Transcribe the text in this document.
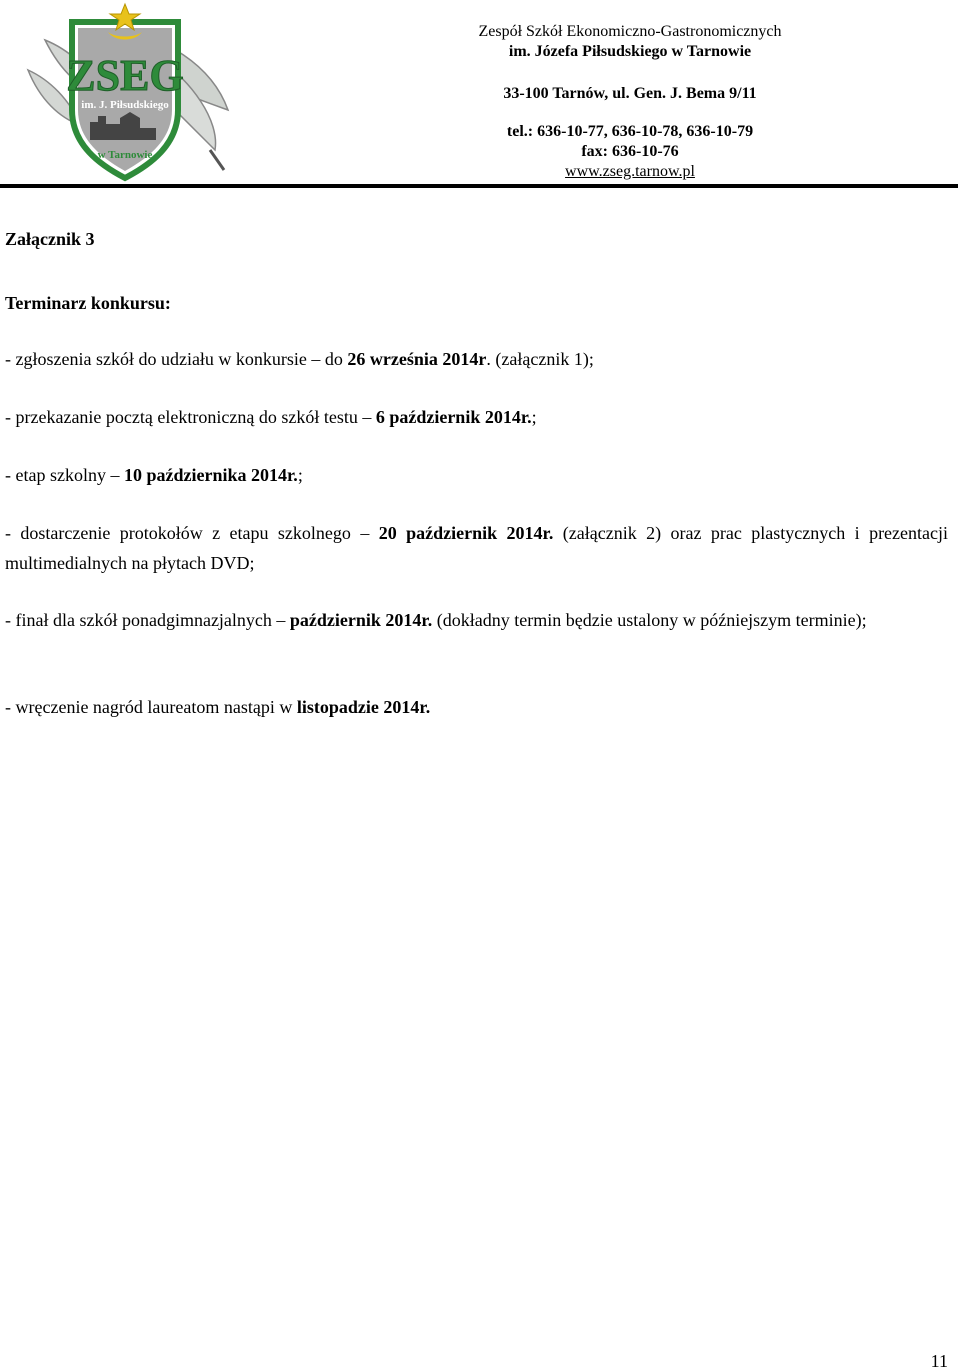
ZSEG
im. J. Piłsudskiego
w Tarnowie
Zespół Szkół Ekonomiczno-Gastronomicznych
im. Józefa Piłsudskiego w Tarnowie
33-100 Tarnów, ul. Gen. J. Bema 9/11
tel.: 636-10-77, 636-10-78, 636-10-79
fax: 636-10-76
www.zseg.tarnow.pl

Załącznik 3

Terminarz konkursu:

- zgłoszenia szkół do udziału w konkursie – do 26 września 2014r. (załącznik 1);
- przekazanie pocztą elektroniczną do szkół testu – 6 październik 2014r.;
- etap szkolny – 10 października 2014r.;
- dostarczenie protokołów z etapu szkolnego – 20 październik 2014r. (załącznik 2) oraz prac plastycznych i prezentacji multimedialnych na płytach DVD;
- finał dla szkół ponadgimnazjalnych – październik 2014r. (dokładny termin będzie ustalony w późniejszym terminie);
- wręczenie nagród laureatom nastąpi w listopadzie 2014r.
11
